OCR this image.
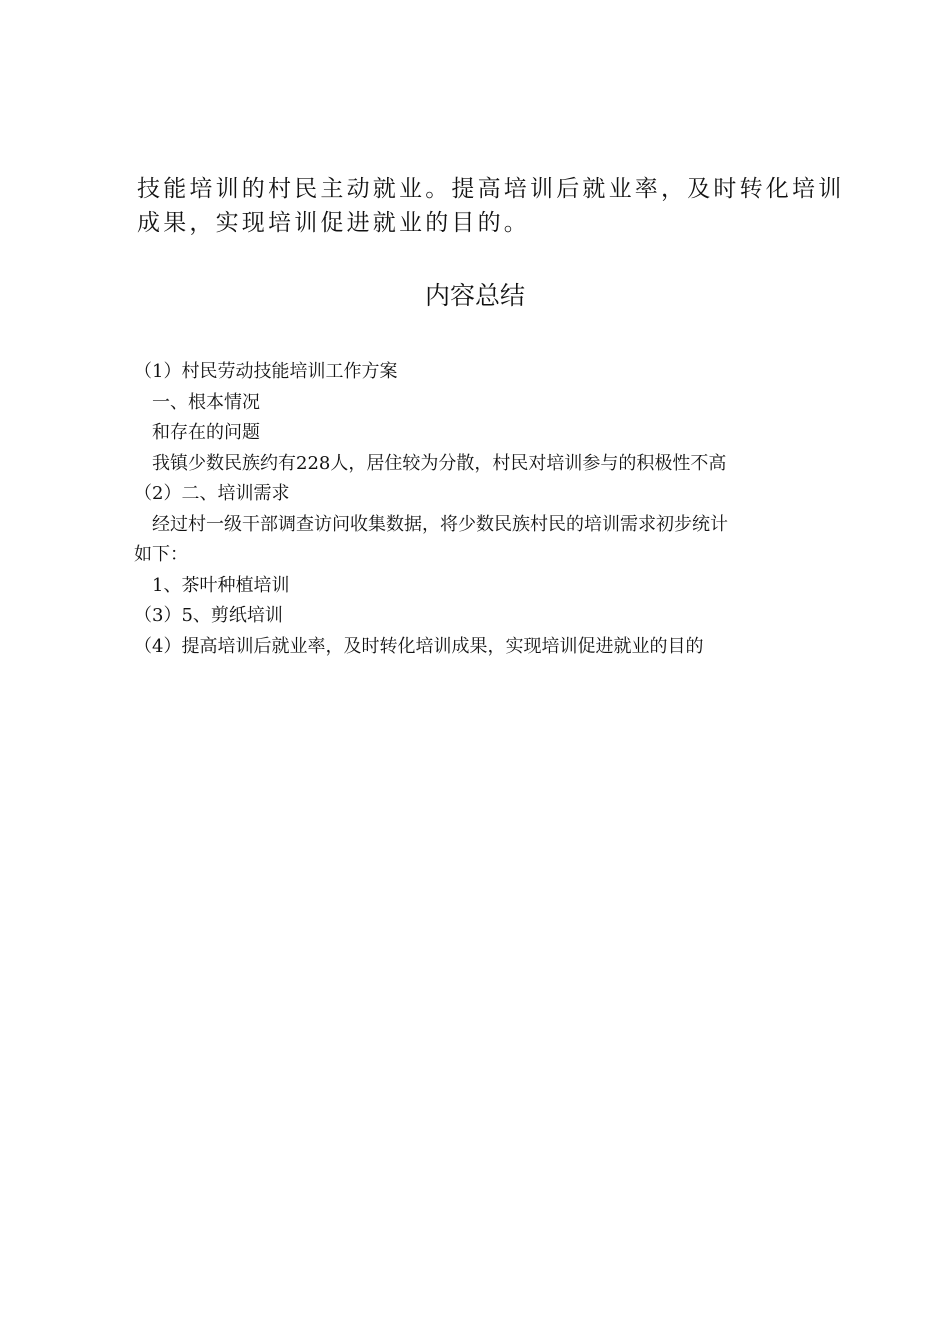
技能培训的村民主动就业。提高培训后就业率，及时转化培训

成果，实现培训促进就业的目的。

内容总结

（1）村民劳动技能培训工作方案

一、根本情况

和存在的问题

我镇少数民族约有228人，居住较为分散，村民对培训参与的积极性不高

（2）二、培训需求

经过村一级干部调查访问收集数据，将少数民族村民的培训需求初步统计

如下：

1、茶叶种植培训

（3）5、剪纸培训

（4）提高培训后就业率，及时转化培训成果，实现培训促进就业的目的
